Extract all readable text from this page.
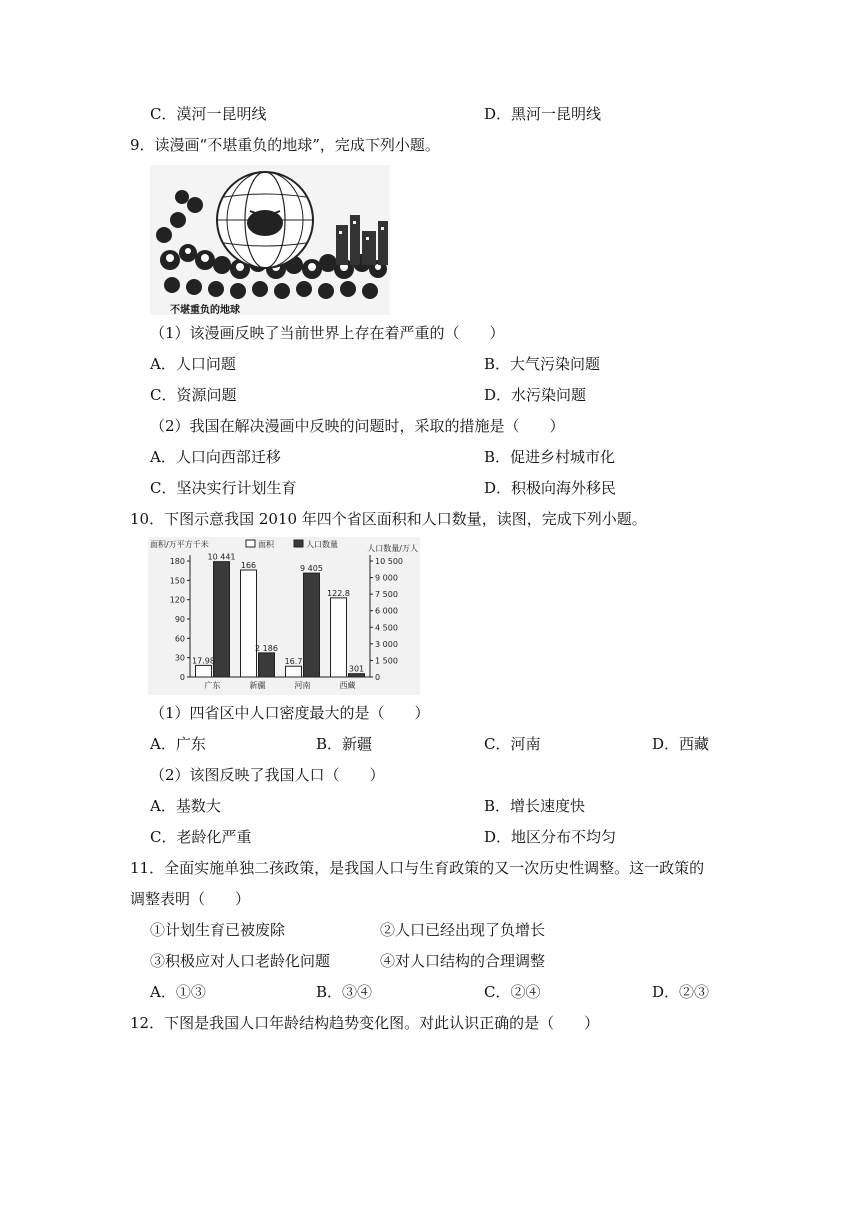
C．漠河一昆明线	D．黑河一昆明线
9．读漫画“不堪重负的地球”，完成下列小题。
不堪重负的地球
（1）该漫画反映了当前世界上存在着严重的（　　）
A．人口问题	B．大气污染问题
C．资源问题	D．水污染问题
（2）我国在解决漫画中反映的问题时，采取的措施是（　　）
A．人口向西部迁移	B．促进乡村城市化
C．坚决实行计划生育	D．积极向海外移民
10．下图示意我国 2010 年四个省区面积和人口数量，读图，完成下列小题。
面积/万平方千米	人口数量/万人
0
30
60
90
120
150
180
0
1 500
3 000
4 500
6 000
7 500
9 000
10 500
面积	人口数量
17.98
10 441
广东
166
2 186
新疆
16.7
9 405
河南
122.8
301
西藏
（1）四省区中人口密度最大的是（　　）
A．广东	B．新疆	C．河南	D．西藏
（2）该图反映了我国人口（　　）
A．基数大	B．增长速度快
C．老龄化严重	D．地区分布不均匀
11．全面实施单独二孩政策，是我国人口与生育政策的又一次历史性调整。这一政策的
调整表明（　　）
①计划生育已被废除	②人口已经出现了负增长
③积极应对人口老龄化问题	④对人口结构的合理调整
A．①③	B．③④	C．②④	D．②③
12．下图是我国人口年龄结构趋势变化图。对此认识正确的是（　　）
